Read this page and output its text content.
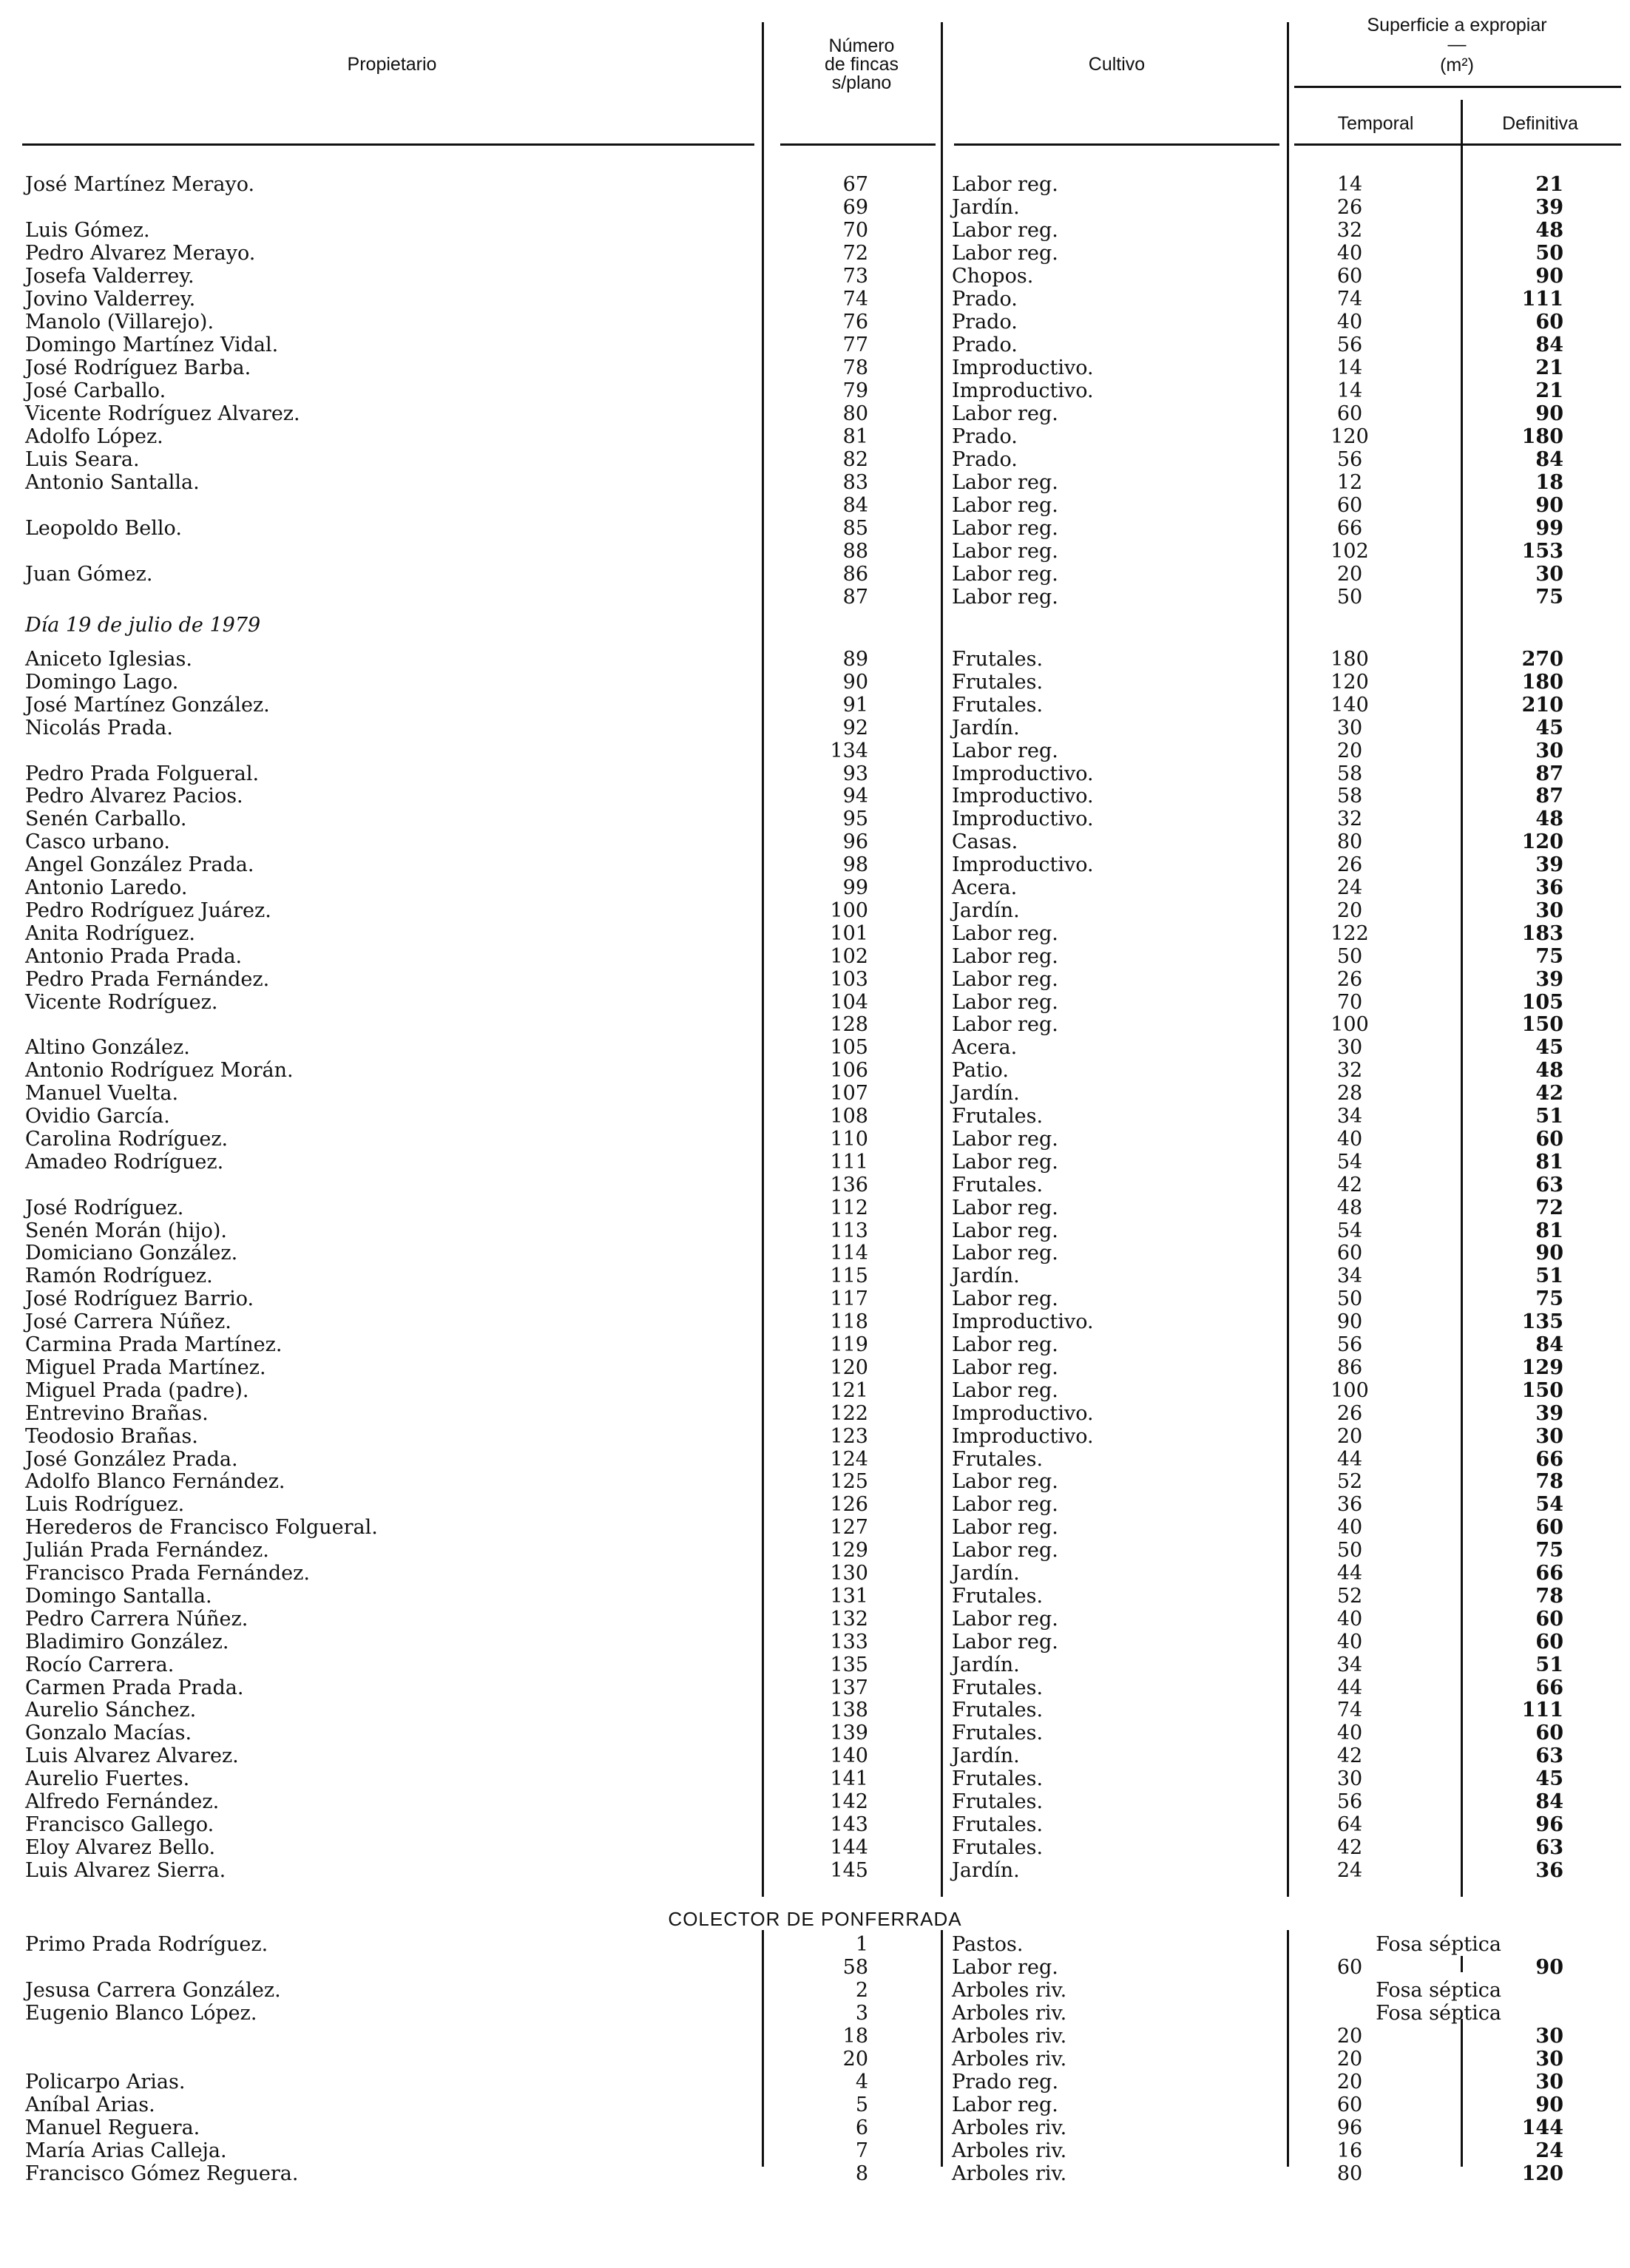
Propietario
Número
de fincas
s/plano
Cultivo
Superficie a expropiar
—
(m²)
Temporal	Definitiva
José Martínez Merayo.	67	Labor reg.	14	21
69	Jardín.	26	39
Luis Gómez.	70	Labor reg.	32	48
Pedro Alvarez Merayo.	72	Labor reg.	40	50
Josefa Valderrey.	73	Chopos.	60	90
Jovino Valderrey.	74	Prado.	74	111
Manolo (Villarejo).	76	Prado.	40	60
Domingo Martínez Vidal.	77	Prado.	56	84
José Rodríguez Barba.	78	Improductivo.	14	21
José Carballo.	79	Improductivo.	14	21
Vicente Rodríguez Alvarez.	80	Labor reg.	60	90
Adolfo López.	81	Prado.	120	180
Luis Seara.	82	Prado.	56	84
Antonio Santalla.	83	Labor reg.	12	18
84	Labor reg.	60	90
Leopoldo Bello.	85	Labor reg.	66	99
88	Labor reg.	102	153
Juan Gómez.	86	Labor reg.	20	30
87	Labor reg.	50	75
Día 19 de julio de 1979
Aniceto Iglesias.	89	Frutales.	180	270
Domingo Lago.	90	Frutales.	120	180
José Martínez González.	91	Frutales.	140	210
Nicolás Prada.	92	Jardín.	30	45
134	Labor reg.	20	30
Pedro Prada Folgueral.	93	Improductivo.	58	87
Pedro Alvarez Pacios.	94	Improductivo.	58	87
Senén Carballo.	95	Improductivo.	32	48
Casco urbano.	96	Casas.	80	120
Angel González Prada.	98	Improductivo.	26	39
Antonio Laredo.	99	Acera.	24	36
Pedro Rodríguez Juárez.	100	Jardín.	20	30
Anita Rodríguez.	101	Labor reg.	122	183
Antonio Prada Prada.	102	Labor reg.	50	75
Pedro Prada Fernández.	103	Labor reg.	26	39
Vicente Rodríguez.	104	Labor reg.	70	105
128	Labor reg.	100	150
Altino González.	105	Acera.	30	45
Antonio Rodríguez Morán.	106	Patio.	32	48
Manuel Vuelta.	107	Jardín.	28	42
Ovidio García.	108	Frutales.	34	51
Carolina Rodríguez.	110	Labor reg.	40	60
Amadeo Rodríguez.	111	Labor reg.	54	81
136	Frutales.	42	63
José Rodríguez.	112	Labor reg.	48	72
Senén Morán (hijo).	113	Labor reg.	54	81
Domiciano González.	114	Labor reg.	60	90
Ramón Rodríguez.	115	Jardín.	34	51
José Rodríguez Barrio.	117	Labor reg.	50	75
José Carrera Núñez.	118	Improductivo.	90	135
Carmina Prada Martínez.	119	Labor reg.	56	84
Miguel Prada Martínez.	120	Labor reg.	86	129
Miguel Prada (padre).	121	Labor reg.	100	150
Entrevino Brañas.	122	Improductivo.	26	39
Teodosio Brañas.	123	Improductivo.	20	30
José González Prada.	124	Frutales.	44	66
Adolfo Blanco Fernández.	125	Labor reg.	52	78
Luis Rodríguez.	126	Labor reg.	36	54
Herederos de Francisco Folgueral.	127	Labor reg.	40	60
Julián Prada Fernández.	129	Labor reg.	50	75
Francisco Prada Fernández.	130	Jardín.	44	66
Domingo Santalla.	131	Frutales.	52	78
Pedro Carrera Núñez.	132	Labor reg.	40	60
Bladimiro González.	133	Labor reg.	40	60
Rocío Carrera.	135	Jardín.	34	51
Carmen Prada Prada.	137	Frutales.	44	66
Aurelio Sánchez.	138	Frutales.	74	111
Gonzalo Macías.	139	Frutales.	40	60
Luis Alvarez Alvarez.	140	Jardín.	42	63
Aurelio Fuertes.	141	Frutales.	30	45
Alfredo Fernández.	142	Frutales.	56	84
Francisco Gallego.	143	Frutales.	64	96
Eloy Alvarez Bello.	144	Frutales.	42	63
Luis Alvarez Sierra.	145	Jardín.	24	36
COLECTOR DE PONFERRADA
Primo Prada Rodríguez.	1	Pastos.	Fosa séptica
58	Labor reg.	60	90
Jesusa Carrera González.	2	Arboles riv.	Fosa séptica
Eugenio Blanco López.	3	Arboles riv.	Fosa séptica
18	Arboles riv.	20	30
20	Arboles riv.	20	30
Policarpo Arias.	4	Prado reg.	20	30
Aníbal Arias.	5	Labor reg.	60	90
Manuel Reguera.	6	Arboles riv.	96	144
María Arias Calleja.	7	Arboles riv.	16	24
Francisco Gómez Reguera.	8	Arboles riv.	80	120
